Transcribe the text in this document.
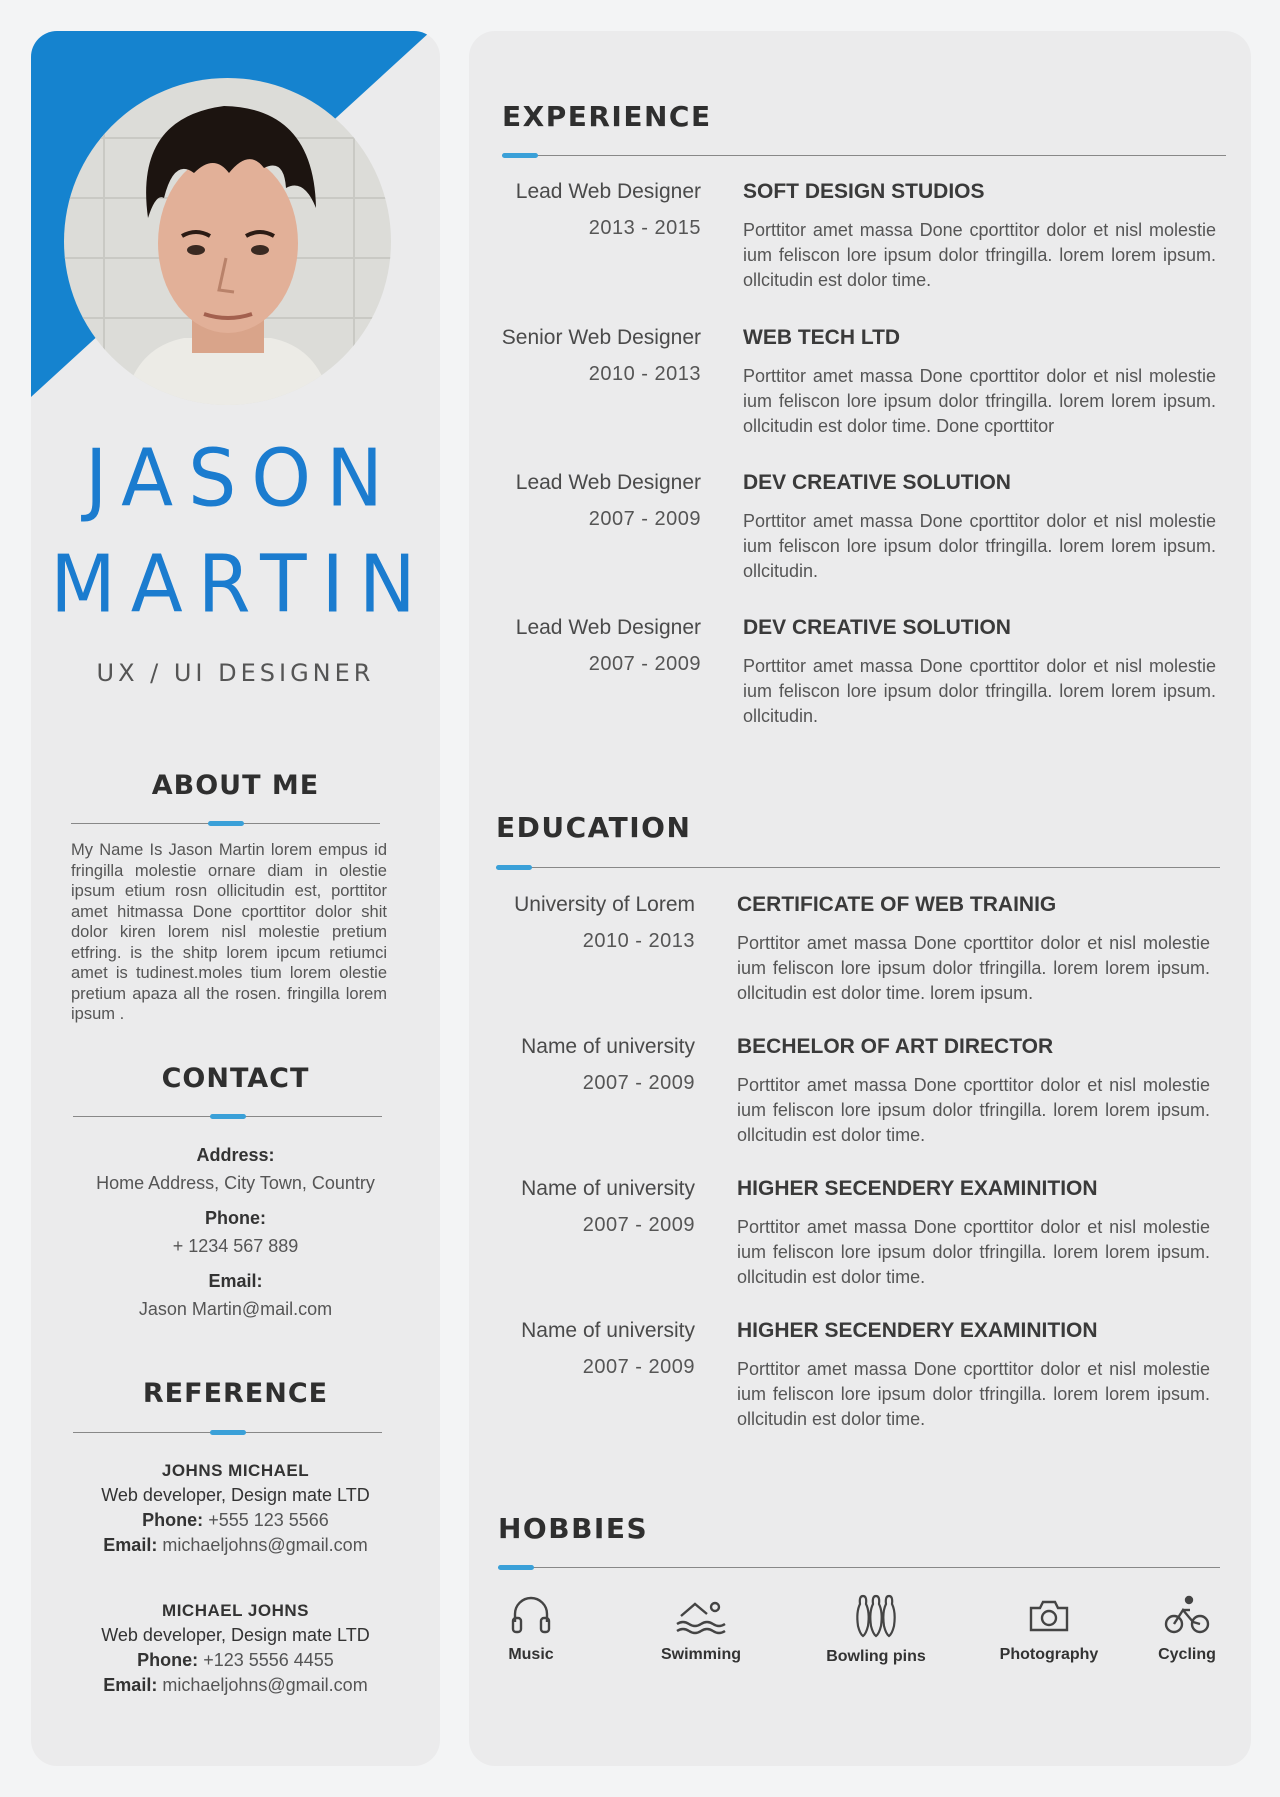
JASON
MARTIN
UX / UI DESIGNER
ABOUT ME
My Name Is Jason Martin lorem empus id fringilla molestie ornare diam in olestie ipsum etium rosn ollicitudin est, porttitor amet hitmassa Done cporttitor dolor shit dolor kiren lorem nisl molestie pretium etfring. is the shitp lorem ipcum retiumci amet is tudinest.moles tium lorem olestie pretium apaza all the rosen. fringilla lorem ipsum .
CONTACT
Address:
Home Address, City Town, Country
Phone:
+ 1234 567 889
Email:
Jason Martin@mail.com
REFERENCE
JOHNS MICHAEL
Web developer, Design mate LTD
Phone: +555 123 5566
Email: michaeljohns@gmail.com
MICHAEL JOHNS
Web developer, Design mate LTD
Phone: +123 5556 4455
Email: michaeljohns@gmail.com
EXPERIENCE
Lead Web Designer
2013 - 2015
SOFT DESIGN STUDIOS
Porttitor amet massa Done cporttitor dolor et nisl molestie ium feliscon lore ipsum dolor tfringilla. lorem lorem ipsum. ollcitudin est dolor time.
Senior Web Designer
2010 - 2013
WEB TECH LTD
Porttitor amet massa Done cporttitor dolor et nisl molestie ium feliscon lore ipsum dolor tfringilla. lorem lorem ipsum. ollcitudin est dolor time. Done cporttitor
Lead Web Designer
2007 - 2009
DEV CREATIVE SOLUTION
Porttitor amet massa Done cporttitor dolor et nisl molestie ium feliscon lore ipsum dolor tfringilla. lorem lorem ipsum. ollcitudin.
Lead Web Designer
2007 - 2009
DEV CREATIVE SOLUTION
Porttitor amet massa Done cporttitor dolor et nisl molestie ium feliscon lore ipsum dolor tfringilla. lorem lorem ipsum. ollcitudin.
EDUCATION
University of Lorem
2010 - 2013
CERTIFICATE OF WEB TRAINIG
Porttitor amet massa Done cporttitor dolor et nisl molestie ium feliscon lore ipsum dolor tfringilla. lorem lorem ipsum. ollcitudin est dolor time. lorem ipsum.
Name of university
2007 - 2009
BECHELOR OF ART DIRECTOR
Porttitor amet massa Done cporttitor dolor et nisl molestie ium feliscon lore ipsum dolor tfringilla. lorem lorem ipsum. ollcitudin est dolor time.
Name of university
2007 - 2009
HIGHER SECENDERY EXAMINITION
Porttitor amet massa Done cporttitor dolor et nisl molestie ium feliscon lore ipsum dolor tfringilla. lorem lorem ipsum. ollcitudin est dolor time.
Name of university
2007 - 2009
HIGHER SECENDERY EXAMINITION
Porttitor amet massa Done cporttitor dolor et nisl molestie ium feliscon lore ipsum dolor tfringilla. lorem lorem ipsum. ollcitudin est dolor time.
HOBBIES
Music	Swimming	Bowling pins	Photography	Cycling
